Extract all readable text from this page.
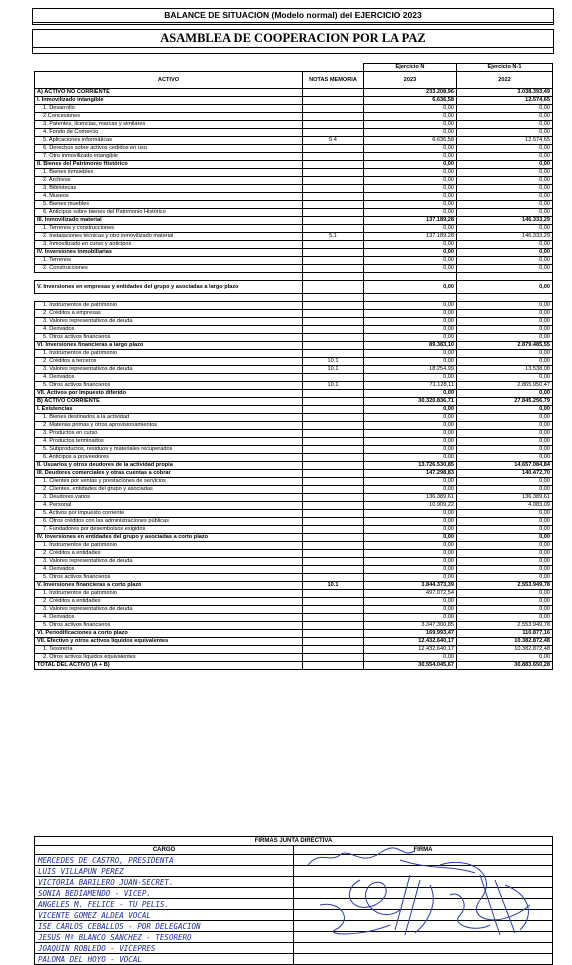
BALANCE DE SITUACION (Modelo normal) del EJERCICIO 2023
ASAMBLEA DE COOPERACION POR LA PAZ
		Ejercicio N	Ejercicio N-1
ACTIVO	NOTAS MEMORIA	2023	2022
A) ACTIVO NO CORRIENTE		233.208,96	3.038.393,49
I. Inmovilizado intangible		6.636,58	12.574,65
1. Desarrollo		0,00	0,00
2.Concesiones		0,00	0,00
3. Patentes, licencias, marcas y similares		0,00	0,00
4. Fondo de Comercio		0,00	0,00
5. Aplicaciones informáticas	5.4	6.636,58	12.574,65
6. Derechos sobre activos cedidos en uso		0,00	0,00
7. Otro inmovilizado intangible		0,00	0,00
II. Bienes del Patrimonio Histórico		0,00	0,00
1. Bienes inmuebles		0,00	0,00
2. Archivos		0,00	0,00
3. Bibliotecas		0,00	0,00
4. Museos		0,00	0,00
5. Bienes muebles		0,00	0,00
6. Anticipos sobre bienes del Patrimonio Histórico		0,00	0,00
III. Inmovilizado material		137.189,28	146.333,29
1. Terrenos y construcciones		0,00	0,00
2. Instalaciones técnicas y otro inmovilizado material	5.1	137.189,28	146.333,29
3. Inmovilizado en curso y anticipos		0,00	0,00
IV. Inversiones inmobiliarias		0,00	0,00
1. Terrenos		0,00	0,00
2. Construcciones		0,00	0,00

V. Inversiones en empresas y entidades del grupo y asociadas a largo plazo		0,00	0,00

1. Instrumentos de patrimonio		0,00	0,00
2. Créditos a empresas		0,00	0,00
3. Valores representativos de deuda		0,00	0,00
4. Derivados		0,00	0,00
5. Otros activos financieros		0,00	0,00
VI. Inversiones financieras a largo plazo		89.383,10	2.879.485,55
1. Instrumentos de patrimonio		0,00	0,00
2. Créditos a terceros	10.1	0,00	0,00
3. Valores representativos de deuda	10.1	18.254,99	13.538,08
4. Derivados		0,00	0,00
5. Otros activos financieros	10.1	71.128,11	2.865.950,47
VII. Activos por Impuesto diferido		0,00	0,00
B) ACTIVO CORRIENTE		30.320.836,71	27.845.256,79
I. Existencias		0,00	0,00
1. Bienes destinados a la actividad		0,00	0,00
2. Materias primas y otros aprovisionamientos		0,00	0,00
3. Productos en curso		0,00	0,00
4. Productos terminados		0,00	0,00
5. Subproductos, residuos y materiales recuperados		0,00	0,00
6. Anticipos a proveedores		0,00	0,00
II. Usuarios y otros deudores de la actividad propia		13.726.530,85	14.657.084,84
III. Deudores comerciales y otras cuentas a cobrar		147.298,83	140.472,70
1. Clientes por ventas y prestaciones de servicios		0,00	0,00
2. Clientes, entidades del grupo y asociadas		0,00	0,00
3. Deudores varios		136.389,61	136.389,61
4. Personal		10.909,22	4.083,09
5. Activos por impuesto corriente		0,00	0,00
6. Otros créditos con las administraciones públicas		0,00	0,00
7. Fundadores por desembolsos exigidos		0,00	0,00
IV. Inversiones en entidades del grupo y asociadas a corto plazo		0,00	0,00
1. Instrumentos de patrimonio		0,00	0,00
2. Créditos a entidades		0,00	0,00
3. Valores representativos de deuda		0,00	0,00
4. Derivados		0,00	0,00
5. Otros activos financieros		0,00	0,00
V. Inversiones financieras a corto plazo	10.1	3.844.373,39	2.553.949,78
1. Instrumentos de patrimonio		497.072,54	0,00
2. Créditos a entidades		0,00	0,00
3. Valores representativos de deuda		0,00	0,00
4. Derivados		0,00	0,00
5. Otros activos financieros		3.347.300,85	2.553.949,78
VI. Periodificaciones a corto plazo		169.993,47	110.877,16
VII. Efectivo y otros activos líquidos equivalentes		12.432.640,17	10.382.872,48
1. Tesorería		12.432.640,17	10.382.872,48
2. Otros activos líquidos equivalentes		0,00	0,00
TOTAL DEL ACTIVO (A + B)		30.554.045,67	30.883.650,28
FIRMAS JUNTA DIRECTIVA	
CARGO	FIRMA
MERCEDES DE CASTRO, PRESIDENTA	
LUIS VILLAPUN PEREZ	
VICTORIA BARILERO JUAN-SECRET.	
SONIA BEDIAMENDO - VICEP.	
ANGELES M. FELICE - TU PELIS.	
VICENTE GOMEZ ALDEA VOCAL	
ISE CARLOS CEBALLOS - POR DELEGACION	
JESUS Mª BLANCO SANCHEZ - TESORERO	
JOAQUIN ROBLEDO - VICEPRES	
PALOMA DEL HOYO - VOCAL	
